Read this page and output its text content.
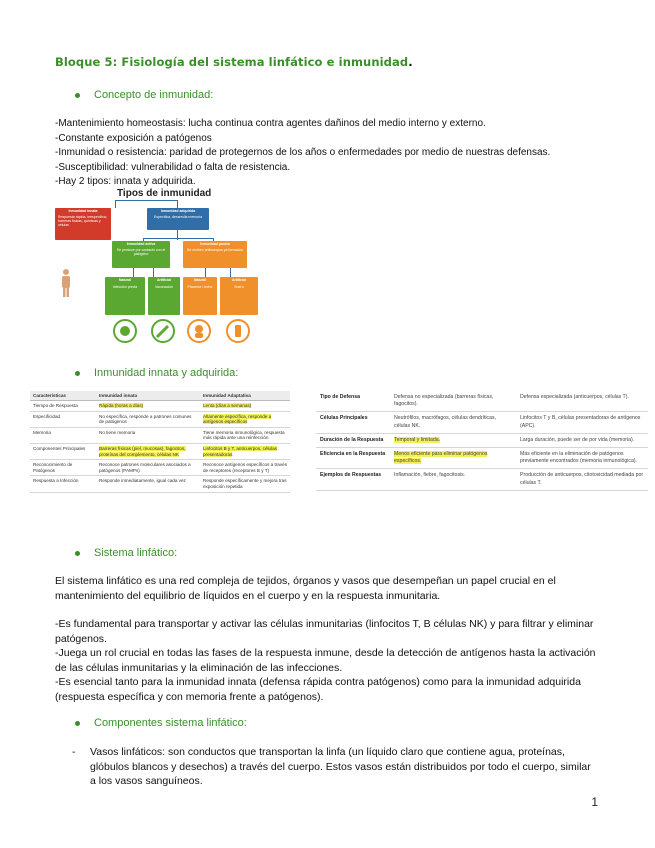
Bloque 5: Fisiología del sistema linfático e inmunidad.
Concepto de inmunidad:
-Mantenimiento homeostasis: lucha continua contra agentes dañinos del medio interno y externo.
-Constante exposición a patógenos
-Inmunidad o resistencia: paridad de protegernos de los años o enfermedades por medio de nuestras defensas.
-Susceptibilidad: vulnerabilidad o falta de resistencia.
-Hay 2 tipos: innata y adquirida.
Tipos de inmunidad
Inmunidad innata
Respuesta rápida, inespecífica; barreras físicas, químicas y células
Inmunidad adquirida
Específica, desarrolla memoria
Inmunidad activa
Se produce por contacto con el patógeno
Inmunidad pasiva
Se reciben anticuerpos ya formados
Natural
Infección previa
Artificial
Vacunación
Natural
Placenta / leche
Artificial
Suero
Inmunidad innata y adquirida:
Características	Inmunidad innata	Inmunidad Adaptativa
Tiempo de Respuesta	Rápida (horas a días)	Lenta (días a semanas)
Especificidad	No específica, responde a patrones comunes de patógenos	Altamente específica, responde a antígenos específicos
Memoria	No tiene memoria	Tiene memoria inmunológica, respuesta más rápida ante una reinfección
Componentes Principales	Barreras físicas (piel, mucosas), fagocitos, proteínas del complemento, células NK	Linfocitos B y T, anticuerpos, células presentadoras
Reconocimiento de Patógenos	Reconoce patrones moleculares asociados a patógenos (PAMPs)	Reconoce antígenos específicos a través de receptores (receptores B y T)
Respuesta a Infección	Responde inmediatamente, igual cada vez	Responde específicamente y mejora tras exposición repetida
Tipo de Defensa	Defensa no especializada (barreras físicas, fagocitos).	Defensa especializada (anticuerpos, células T).
Células Principales	Neutrófilos, macrófagos, células dendríticas, células NK.	Linfocitos T y B, células presentadoras de antígenos (APC).
Duración de la Respuesta	Temporal y limitada.	Larga duración, puede ser de por vida (memoria).
Eficiencia en la Respuesta	Menos eficiente para eliminar patógenos específicos.	Más eficiente en la eliminación de patógenos previamente encontrados (memoria inmunológica).
Ejemplos de Respuestas	Inflamación, fiebre, fagocitosis.	Producción de anticuerpos, citotoxicidad mediada por células T.
Sistema linfático:
El sistema linfático es una red compleja de tejidos, órganos y vasos que desempeñan un papel crucial en el mantenimiento del equilibrio de líquidos en el cuerpo y en la respuesta inmunitaria.
-Es fundamental para transportar y activar las células inmunitarias (linfocitos T, B células NK) y para filtrar y eliminar patógenos.
-Juega un rol crucial en todas las fases de la respuesta inmune, desde la detección de antígenos hasta la activación de las células inmunitarias y la eliminación de las infecciones.
-Es esencial tanto para la inmunidad innata (defensa rápida contra patógenos) como para la inmunidad adquirida (respuesta específica y con memoria frente a patógenos).
Componentes sistema linfático:
-	Vasos linfáticos: son conductos que transportan la linfa (un líquido claro que contiene agua, proteínas, glóbulos blancos y desechos) a través del cuerpo. Estos vasos están distribuidos por todo el cuerpo, similar a los vasos sanguíneos.
1
